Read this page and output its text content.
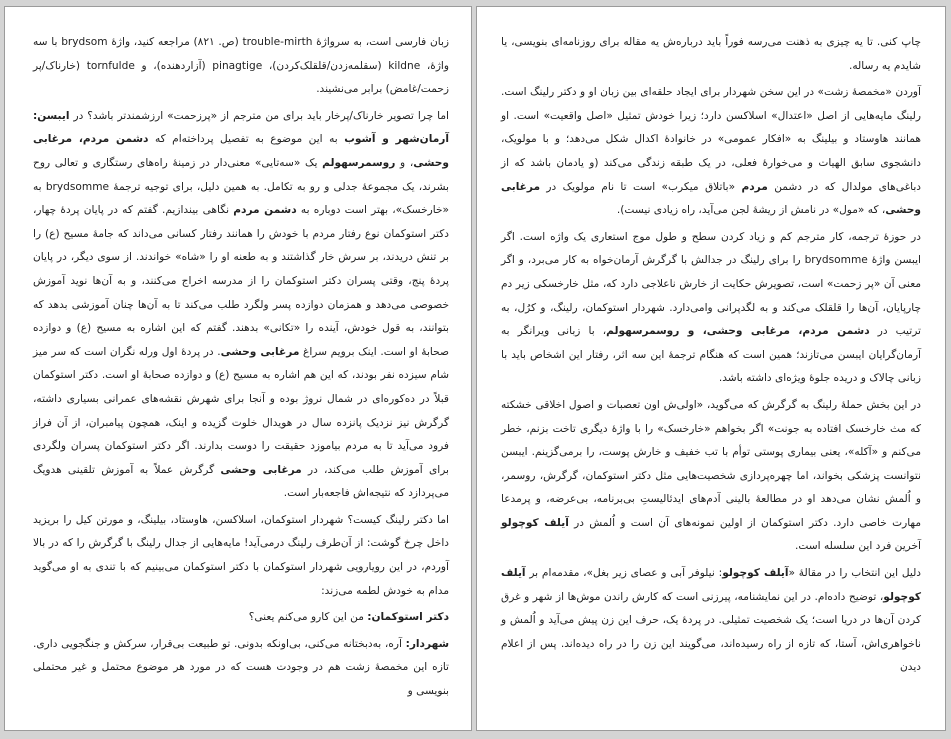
زبان فارسی است، به سرواژهٔ trouble-mirth (ص. ۸۲۱) مراجعه کنید، واژهٔ brydsom با سه واژهٔ، kildne (سقلمه‌زدن/قلقلک‌کردن)، pinagtige (آزاردهنده)، و tornfulde (خارناک/پر زحمت/غامض) برابر می‌نشیند.

اما چرا تصویر خارناک/پرخار باید برای من مترجم از «پرزحمت» ارزشمندتر باشد؟ در ایبسن: آرمان‌شهر و آشوب به این موضوع به تفصیل پرداخته‌ام که دشمن مردم، مرغابی وحشی، و روسمرسهولم یک «سه‌تایی» معنی‌دار در زمینهٔ راه‌های رستگاری و تعالی روح بشرند، یک مجموعهٔ جدلی و رو به تکامل. به همین دلیل، برای توجیه ترجمهٔ brydsomme به «خارخسک»، بهتر است دوباره به دشمن مردم نگاهی بیندازیم. گفتم که در پایان پردهٔ چهار، دکتر استوکمان نوع رفتار مردم با خودش را همانند رفتار کسانی می‌داند که جامهٔ مسیح (ع) را بر تنش دریدند، بر سرش خار گذاشتند و به طعنه او را «شاه» خواندند. از سوی دیگر، در پایان پردهٔ پنج، وقتی پسران دکتر استوکمان را از مدرسه اخراج می‌کنند، و به آن‌ها نوید آموزش خصوصی می‌دهد و همزمان دوازده پسر ولگرد طلب می‌کند تا به آن‌ها چنان آموزشی بدهد که بتوانند، به قول خودش، آینده را «تکانی» بدهند. گفتم که این اشاره به مسیح (ع) و دوازده صحابهٔ او است. اینک برویم سراغ مرغابی وحشی. در پردهٔ اول ورله نگران است که سر میز شام سیزده نفر بودند، که این هم اشاره به مسیح (ع) و دوازده صحابهٔ او است. دکتر استوکمان قبلاً در ده‌کوره‌ای در شمال نروژ بوده و آنجا برای شهرش نقشه‌های عمرانی بسیاری داشته، گرگرش نیز نزدیک پانزده سال در هویدال خلوت گزیده و اینک، همچون پیامبران، از آن فراز فرود می‌آید تا به مردم بیاموزد حقیقت را دوست بدارند. اگر دکتر استوکمان پسران ولگردی برای آموزش طلب می‌کند، در مرغابی وحشی گرگرش عملاً به آموزش تلقینی هدویگ می‌پردازد که نتیجه‌اش فاجعه‌بار است.

اما دکتر رلینگ کیست؟ شهردار استوکمان، اسلاکسن، هاوستاد، بیلینگ، و مورتن کیل را بریزید داخل چرخ گوشت: از آن‌طرف رلینگ درمی‌آید! مایه‌هایی از جدال رلینگ با گرگرش را که در بالا آوردم، در این رویارویی شهردار استوکمان با دکتر استوکمان می‌بینیم که با تندی به او می‌گوید مدام به خودش لطمه می‌زند:

دکتر استوکمان: من این کارو می‌کنم یعنی؟

شهردار: آره، به‌دبختانه می‌کنی، بی‌اونکه بدونی. تو طبیعت بی‌قرار، سرکش و جنگجویی داری. تازه این مخمصهٔ زشت هم در وجودت هست که در مورد هر موضوع محتمل و غیر محتملی بنویسی و

چاپ کنی. تا یه چیزی به ذهنت می‌رسه فوراً باید درباره‌ش یه مقاله برای روزنامه‌ای بنویسی، یا شایدم یه رساله.

آوردن «مخمصهٔ زشت» در این سخن شهردار برای ایجاد حلقه‌ای بین زبان او و دکتر رلینگ است. رلینگ مایه‌هایی از اصل «اعتدال» اسلاکسن دارد؛ زیرا خودش تمثیل «اصل واقعیت» است. او همانند هاوستاد و بیلینگ به «افکار عمومی» در خانوادهٔ اکدال شکل می‌دهد؛ و با مولویک، دانشجوی سابق الهیات و می‌خوارهٔ فعلی، در یک طبقه زندگی می‌کند (و یادمان باشد که از دباغی‌های مولدال که در دشمن مردم «باتلاق میکرب» است تا نام مولویک در مرغابی وحشی، که «مول» در نامش از ریشهٔ لجن می‌آید، راه زیادی نیست).

در حوزهٔ ترجمه، کار مترجم کم و زیاد کردن سطح و طول موج استعاری یک واژه است. اگر ایبسن واژهٔ brydsomme را برای رلینگ در جدالش با گرگرش آرمان‌خواه به کار می‌برد، و اگر معنی آن «پر زحمت» است، تصویرش حکایت از خارش ناعلاجی دارد که، مثل خارخسکی زیر دم چارپایان، آن‌ها را قلقلک می‌کند و به لگدپرانی وامی‌دارد. شهردار استوکمان، رلینگ، و کرُل، به ترتیب در دشمن مردم، مرغابی وحشی، و روسمرسهولم، با زبانی ویرانگر به آرمان‌گرایان ایبسن می‌تازند؛ همین است که هنگام ترجمهٔ این سه اثر، رفتار این اشخاص باید با زبانی چالاک و دریده جلوهٔ ویژه‌ای داشته باشد.

در این بخش حملهٔ رلینگ به گرگرش که می‌گوید، «اولی‌ش اون تعصبات و اصول اخلاقی خشکته که مث خارخسک افتاده به جونت» اگر بخواهم «خارخسک» را با واژهٔ دیگری تاخت بزنم، خطر می‌کنم و «آکله»، یعنی بیماری پوستی توأم با تب خفیف و خارش پوست، را برمی‌گزینم. ایبسن نتوانست پزشکی بخواند، اما چهره‌پردازی شخصیت‌هایی مثل دکتر استوکمان، گرگرش، روسمر، و اُلمش نشان می‌دهد او در مطالعهٔ بالینی آدم‌های ایدئالیستِ بی‌برنامه، بی‌عرضه، و پرمدعا مهارت خاصی دارد. دکتر استوکمان از اولین نمونه‌های آن است و اُلمش در آیلف کوچولو آخرین فرد این سلسله است.

دلیل این انتخاب را در مقالهٔ «آیلف کوچولو: نیلوفر آبی و عصای زیر بغل»، مقدمه‌ام بر آیلف کوچولو، توضیح داده‌ام. در این نمایشنامه، پیرزنی است که کارش راندن موش‌ها از شهر و غرق کردن آن‌ها در دریا است؛ یک شخصیت تمثیلی. در پردهٔ یک، حرف این زن پیش می‌آید و اُلمش و ناخواهری‌اش، آستا، که تازه از راه رسیده‌اند، می‌گویند این زن را در راه دیده‌اند. پس از اعلام دیدن
